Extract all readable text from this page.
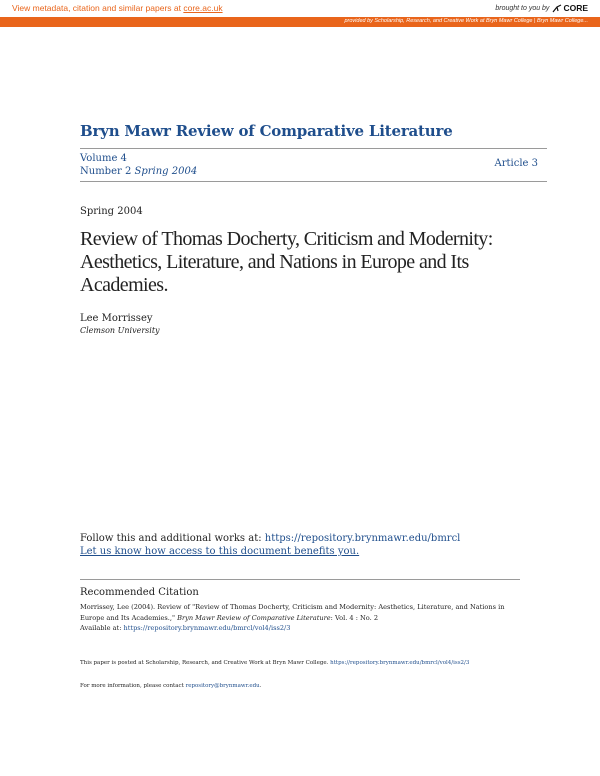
View metadata, citation and similar papers at core.ac.uk	brought to you by CORE
provided by Scholarship, Research, and Creative Work at Bryn Mawr College | Bryn Mawr College...
Bryn Mawr Review of Comparative Literature
Volume 4
Number 2 Spring 2004
Article 3
Spring 2004
Review of Thomas Docherty, Criticism and Modernity: Aesthetics, Literature, and Nations in Europe and Its Academies.
Lee Morrissey
Clemson University
Follow this and additional works at: https://repository.brynmawr.edu/bmrcl
Let us know how access to this document benefits you.
Recommended Citation
Morrissey, Lee (2004). Review of "Review of Thomas Docherty, Criticism and Modernity: Aesthetics, Literature, and Nations in Europe and Its Academies.," Bryn Mawr Review of Comparative Literature: Vol. 4 : No. 2
Available at: https://repository.brynmawr.edu/bmrcl/vol4/iss2/3
This paper is posted at Scholarship, Research, and Creative Work at Bryn Mawr College. https://repository.brynmawr.edu/bmrcl/vol4/iss2/3
For more information, please contact repository@brynmawr.edu.
